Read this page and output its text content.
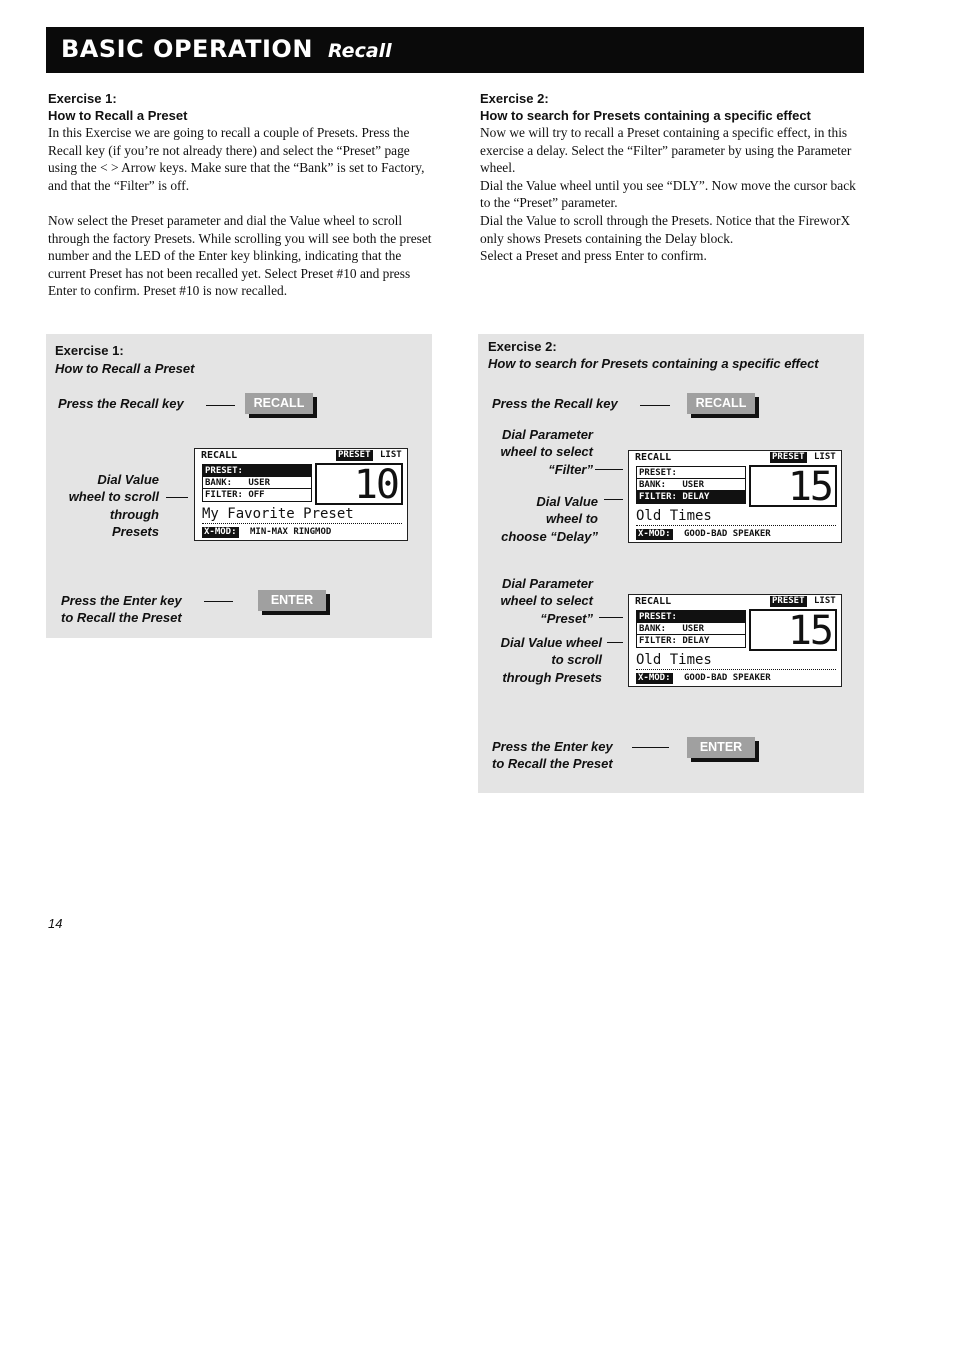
BASIC OPERATION Recall
Exercise 1:
How to Recall a Preset

In this Exercise we are going to recall a couple of Presets. Press the Recall key (if you’re not already there) and select the “Preset” page using the < > Arrow keys. Make sure that the “Bank” is set to Factory, and that the “Filter” is off.

Now select the Preset parameter and dial the Value wheel to scroll through the factory Presets. While scrolling you will see both the preset number and the LED of the Enter key blinking, indicating that the current Preset has not been recalled yet. Select Preset #10 and press Enter to confirm. Preset #10 is now recalled.

Exercise 2:
How to search for Presets containing a specific effect

Now we will try to recall a Preset containing a specific effect, in this exercise a delay. Select the “Filter” parameter by using the Parameter wheel.

Dial the Value wheel until you see “DLY”. Now move the cursor back to the “Preset” parameter.

Dial the Value to scroll through the Presets. Notice that the FireworX only shows Presets containing the Delay block.

Select a Preset and press Enter to confirm.

Exercise 1:
How to Recall a Preset
Press the Recall key	RECALL
Dial Value
wheel to scroll
through
Presets
RECALL	PRESET LIST
PRESET:
BANK:   USER
FILTER: OFF	10
My Favorite Preset
X-MOD: MIN-MAX RINGMOD
Press the Enter key
to Recall the Preset
ENTER
Exercise 2:
How to search for Presets containing a specific effect
Press the Recall key	RECALL
Dial Parameter
wheel to select
“Filter”
Dial Value
wheel to
choose “Delay”
RECALL	PRESET LIST
PRESET:
BANK:   USER
FILTER: DELAY	15
Old Times
X-MOD: GOOD-BAD SPEAKER
Dial Parameter
wheel to select
“Preset”
Dial Value wheel
to scroll
through Presets
RECALL	PRESET LIST
PRESET:
BANK:   USER
FILTER: DELAY	15
Old Times
X-MOD: GOOD-BAD SPEAKER
Press the Enter key
to Recall the Preset
ENTER
14
